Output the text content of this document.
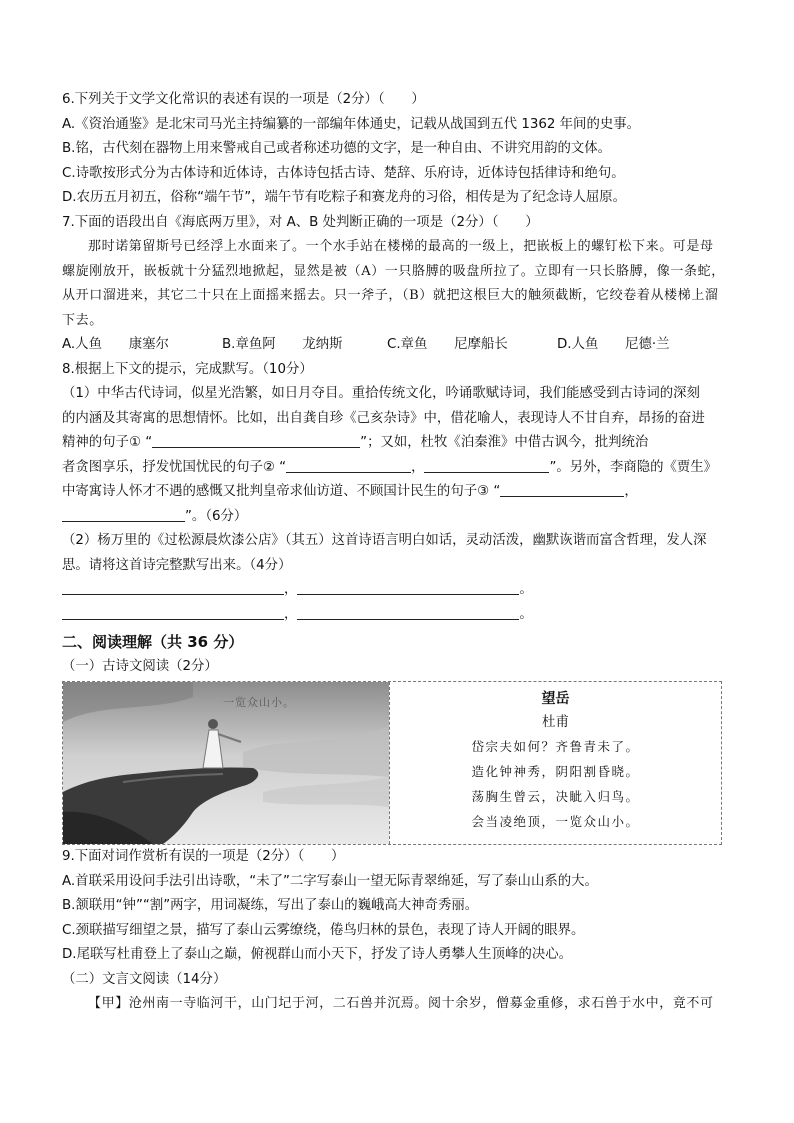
6.下列关于文学文化常识的表述有误的一项是（2分）（　　）
A.《资治通鉴》是北宋司马光主持编纂的一部编年体通史，记载从战国到五代 1362 年间的史事。
B.铭，古代刻在器物上用来警戒自己或者称述功德的文字，是一种自由、不讲究用韵的文体。
C.诗歌按形式分为古体诗和近体诗，古体诗包括古诗、楚辞、乐府诗，近体诗包括律诗和绝句。
D.农历五月初五，俗称“端午节”，端午节有吃粽子和赛龙舟的习俗，相传是为了纪念诗人屈原。
7.下面的语段出自《海底两万里》，对 A、B 处判断正确的一项是（2分）（　　）
那时诺第留斯号已经浮上水面来了。一个水手站在楼梯的最高的一级上，把嵌板上的螺钉松下来。可是母
螺旋刚放开，嵌板就十分猛烈地掀起，显然是被（A）一只胳膊的吸盘所拉了。立即有一只长胳膊，像一条蛇，
从开口溜进来，其它二十只在上面摇来摇去。只一斧子，（B）就把这根巨大的触须截断，它绞卷着从楼梯上溜
下去。
A.人鱼　　康塞尔	B.章鱼阿　　龙纳斯	C.章鱼　　尼摩船长	D.人鱼　　尼德·兰
8.根据上下文的提示，完成默写。（10分）
（1）中华古代诗词，似星光浩繁，如日月夺目。重拾传统文化，吟诵歌赋诗词，我们能感受到古诗词的深刻
的内涵及其寄寓的思想情怀。比如，出自龚自珍《己亥杂诗》中，借花喻人，表现诗人不甘自弃，昂扬的奋进
精神的句子① “	”；又如，杜牧《泊秦淮》中借古讽今，批判统治
者贪图享乐，抒发忧国忧民的句子② “	，	”。另外，李商隐的《贾生》
中寄寓诗人怀才不遇的感慨又批判皇帝求仙访道、不顾国计民生的句子③ “	，
”。（6分）
（2）杨万里的《过松源晨炊漆公店》（其五）这首诗语言明白如话，灵动活泼，幽默诙谐而富含哲理，发人深
思。请将这首诗完整默写出来。（4分）
，	。
，	。
二、阅读理解（共 36 分）
（一）古诗文阅读（2分）
一览众山小。	望岳
杜甫
岱宗夫如何？齐鲁青未了。
造化钟神秀，阴阳割昏晓。
荡胸生曾云，决眦入归鸟。
会当凌绝顶，一览众山小。
9.下面对词作赏析有误的一项是（2分）（　　）
A.首联采用设问手法引出诗歌，“未了”二字写泰山一望无际青翠绵延，写了泰山山系的大。
B.颔联用“钟”“割”两字，用词凝练，写出了泰山的巍峨高大神奇秀丽。
C.颈联描写细望之景，描写了泰山云雾缭绕，倦鸟归林的景色，表现了诗人开阔的眼界。
D.尾联写杜甫登上了泰山之巅，俯视群山而小天下，抒发了诗人勇攀人生顶峰的决心。
（二）文言文阅读（14分）
【甲】沧州南一寺临河干，山门圮于河，二石兽并沉焉。阅十余岁，僧募金重修，求石兽于水中，竟不可
